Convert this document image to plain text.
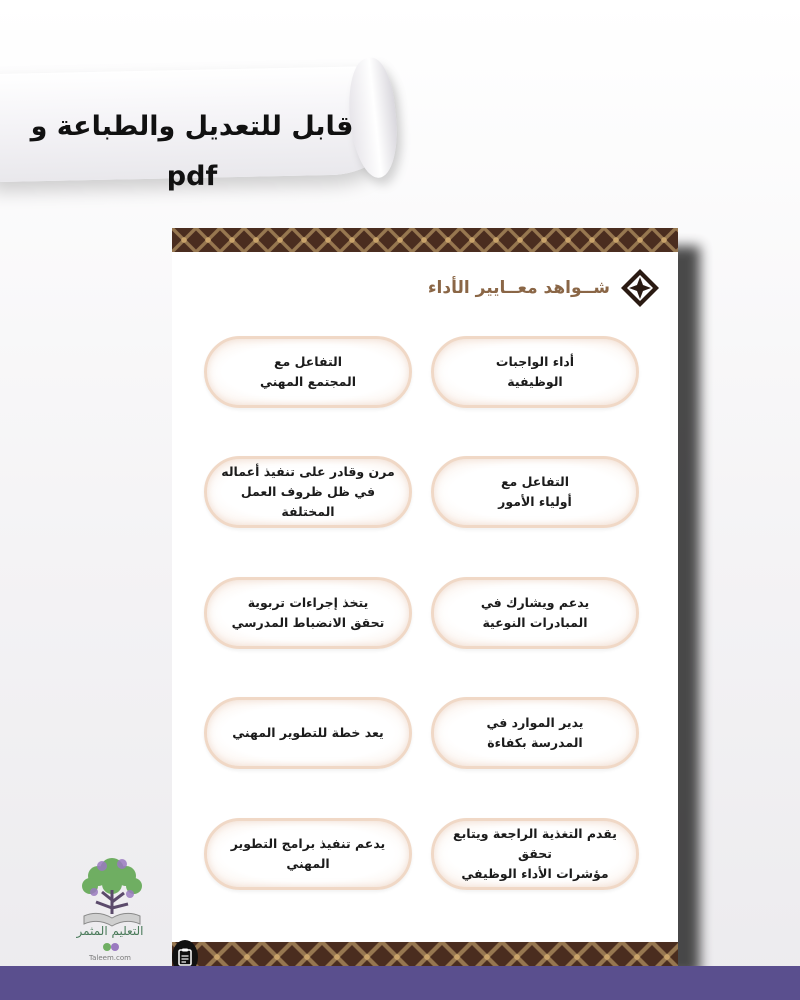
قابل للتعديل والطباعة و pdf
شــواهد معــايير الأداء
أداء الواجبات
الوظيفية
التفاعل مع
المجتمع المهني
التفاعل مع
أولياء الأمور
مرن وقادر على تنفيذ أعماله
في ظل ظروف العمل المختلفة
يدعم ويشارك في
المبادرات النوعية
يتخذ إجراءات تربوية
تحقق الانضباط المدرسي
يدير الموارد في
المدرسة بكفاءة
يعد خطة للتطوير المهني
يقدم التغذية الراجعة ويتابع تحقق
مؤشرات الأداء الوظيفي
يدعم تنفيذ برامج التطوير المهني
التعليم المثمر
Taleem.com
